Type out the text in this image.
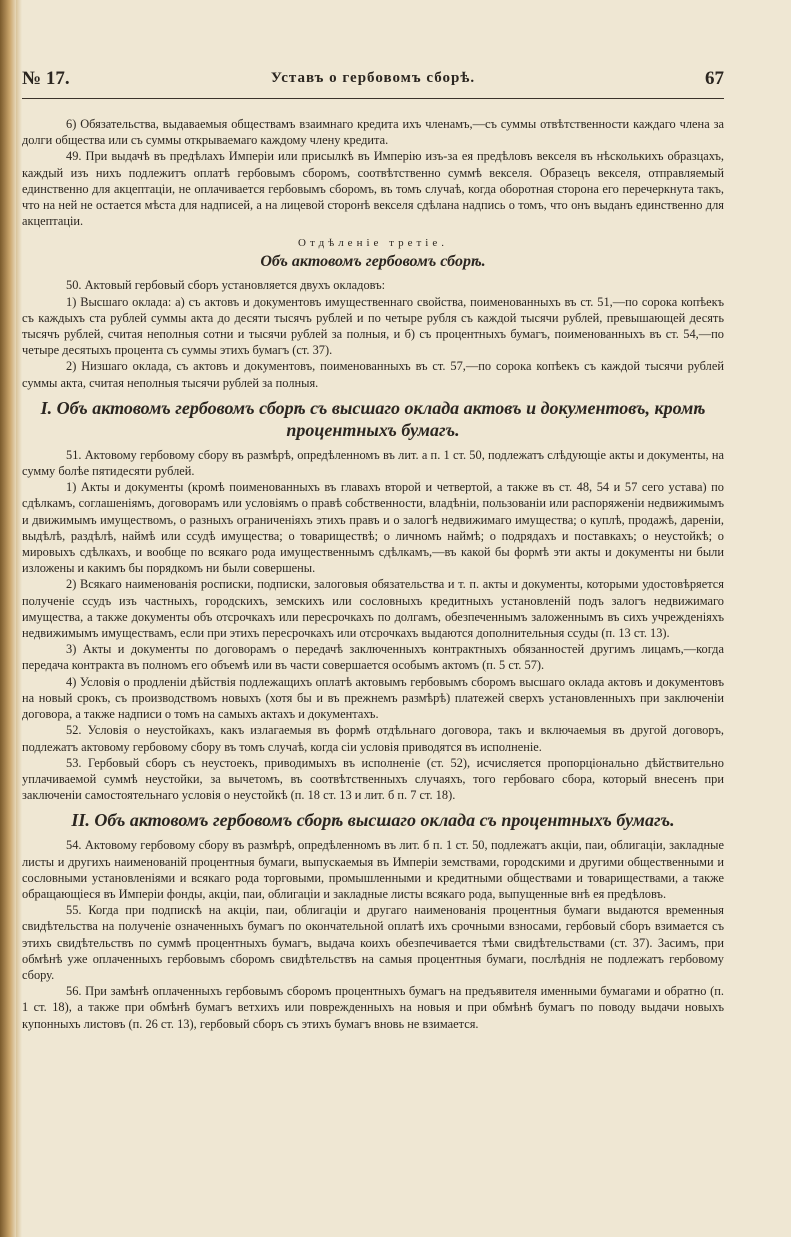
№ 17.	Уставъ о гербовомъ сборѣ.	67

6) Обязательства, выдаваемыя обществамъ взаимнаго кредита ихъ членамъ,—съ суммы отвѣтственности каждаго члена за долги общества или съ суммы открываемаго каждому члену кредита.

49. При выдачѣ въ предѣлахъ Имперіи или присылкѣ въ Имперію изъ-за ея предѣловъ векселя въ нѣсколькихъ образцахъ, каждый изъ нихъ подлежитъ оплатѣ гербовымъ сборомъ, соотвѣтственно суммѣ векселя. Образецъ векселя, отправляемый единственно для акцептаціи, не оплачивается гербовымъ сборомъ, въ томъ случаѣ, когда оборотная сторона его перечеркнута такъ, что на ней не остается мѣста для надписей, а на лицевой сторонѣ векселя сдѣлана надпись о томъ, что онъ выданъ единственно для акцептаціи.

Отдѣленіе третіе.

Объ актовомъ гербовомъ сборѣ.

50. Актовый гербовый сборъ установляется двухъ окладовъ:

1) Высшаго оклада: а) съ актовъ и документовъ имущественнаго свойства, поименованныхъ въ ст. 51,—по сорока копѣекъ съ каждыхъ ста рублей суммы акта до десяти тысячъ рублей и по четыре рубля съ каждой тысячи рублей, превышающей десять тысячъ рублей, считая неполныя сотни и тысячи рублей за полныя, и б) съ процентныхъ бумагъ, поименованныхъ въ ст. 54,—по четыре десятыхъ процента съ суммы этихъ бумагъ (ст. 37).

2) Низшаго оклада, съ актовъ и документовъ, поименованныхъ въ ст. 57,—по сорока копѣекъ съ каждой тысячи рублей суммы акта, считая неполныя тысячи рублей за полныя.

I. Объ актовомъ гербовомъ сборѣ съ высшаго оклада актовъ и документовъ, кромѣ процентныхъ бумагъ.

51. Актовому гербовому сбору въ размѣрѣ, опредѣленномъ въ лит. а п. 1 ст. 50, подлежатъ слѣдующіе акты и документы, на сумму болѣе пятидесяти рублей.

1) Акты и документы (кромѣ поименованныхъ въ главахъ второй и четвертой, а также въ ст. 48, 54 и 57 сего устава) по сдѣлкамъ, соглашеніямъ, договорамъ или условіямъ о правѣ собственности, владѣніи, пользованіи или распоряженіи недвижимымъ и движимымъ имуществомъ, о разныхъ ограниченіяхъ этихъ правъ и о залогѣ недвижимаго имущества; о куплѣ, продажѣ, дареніи, выдѣлѣ, раздѣлѣ, наймѣ или ссудѣ имущества; о товариществѣ; о личномъ наймѣ; о подрядахъ и поставкахъ; о неустойкѣ; о мировыхъ сдѣлкахъ, и вообще по всякаго рода имущественнымъ сдѣлкамъ,—въ какой бы формѣ эти акты и документы ни были изложены и какимъ бы порядкомъ ни были совершены.

2) Всякаго наименованія росписки, подписки, залоговыя обязательства и т. п. акты и документы, которыми удостовѣряется полученіе ссудъ изъ частныхъ, городскихъ, земскихъ или сословныхъ кредитныхъ установленій подъ залогъ недвижимаго имущества, а также документы объ отсрочкахъ или пересрочкахъ по долгамъ, обезпеченнымъ заложеннымъ въ сихъ учрежденіяхъ недвижимымъ имуществамъ, если при этихъ пересрочкахъ или отсрочкахъ выдаются дополнительныя ссуды (п. 13 ст. 13).

3) Акты и документы по договорамъ о передачѣ заключенныхъ контрактныхъ обязанностей другимъ лицамъ,—когда передача контракта въ полномъ его объемѣ или въ части совершается особымъ актомъ (п. 5 ст. 57).

4) Условія о продленіи дѣйствія подлежащихъ оплатѣ актовымъ гербовымъ сборомъ высшаго оклада актовъ и документовъ на новый срокъ, съ производствомъ новыхъ (хотя бы и въ прежнемъ размѣрѣ) платежей сверхъ установленныхъ при заключеніи договора, а также надписи о томъ на самыхъ актахъ и документахъ.

52. Условія о неустойкахъ, какъ излагаемыя въ формѣ отдѣльнаго договора, такъ и включаемыя въ другой договоръ, подлежатъ актовому гербовому сбору въ томъ случаѣ, когда сіи условія приводятся въ исполненіе.

53. Гербовый сборъ съ неустоекъ, приводимыхъ въ исполненіе (ст. 52), исчисляется пропорціонально дѣйствительно уплачиваемой суммѣ неустойки, за вычетомъ, въ соотвѣтственныхъ случаяхъ, того гербоваго сбора, который внесенъ при заключеніи самостоятельнаго условія о неустойкѣ (п. 18 ст. 13 и лит. б п. 7 ст. 18).

II. Объ актовомъ гербовомъ сборѣ высшаго оклада съ процентныхъ бумагъ.

54. Актовому гербовому сбору въ размѣрѣ, опредѣленномъ въ лит. б п. 1 ст. 50, подлежатъ акціи, паи, облигаціи, закладные листы и другихъ наименованій процентныя бумаги, выпускаемыя въ Имперіи земствами, городскими и другими общественными и сословными установленіями и всякаго рода торговыми, промышленными и кредитными обществами и товариществами, а также обращающіеся въ Имперіи фонды, акціи, паи, облигаціи и закладные листы всякаго рода, выпущенные внѣ ея предѣловъ.

55. Когда при подпискѣ на акціи, паи, облигаціи и другаго наименованія процентныя бумаги выдаются временныя свидѣтельства на полученіе означенныхъ бумагъ по окончательной оплатѣ ихъ срочными взносами, гербовый сборъ взимается съ этихъ свидѣтельствъ по суммѣ процентныхъ бумагъ, выдача коихъ обезпечивается тѣми свидѣтельствами (ст. 37). Засимъ, при обмѣнѣ уже оплаченныхъ гербовымъ сборомъ свидѣтельствъ на самыя процентныя бумаги, послѣднія не подлежатъ гербовому сбору.

56. При замѣнѣ оплаченныхъ гербовымъ сборомъ процентныхъ бумагъ на предъявителя именными бумагами и обратно (п. 1 ст. 18), а также при обмѣнѣ бумагъ ветхихъ или поврежденныхъ на новыя и при обмѣнѣ бумагъ по поводу выдачи новыхъ купонныхъ листовъ (п. 26 ст. 13), гербовый сборъ съ этихъ бумагъ вновь не взимается.
